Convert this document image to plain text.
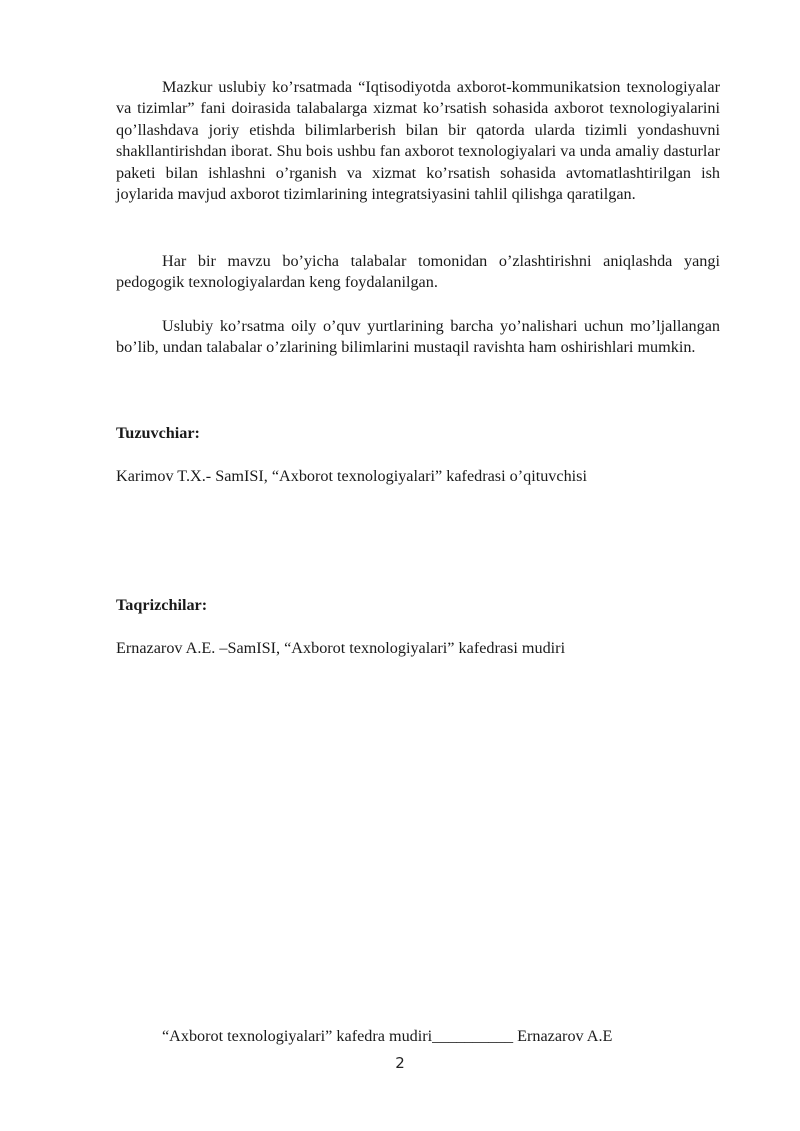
Mazkur uslubiy ko’rsatmada “Iqtisodiyotda axborot-kommunikatsion texnologiyalar va tizimlar” fani doirasida talabalarga xizmat ko’rsatish sohasida axborot texnologiyalarini qo’llashdava joriy etishda bilimlarberish bilan bir qatorda ularda tizimli yondashuvni shakllantirishdan iborat. Shu bois ushbu fan axborot texnologiyalari va unda amaliy dasturlar paketi bilan ishlashni o’rganish va xizmat ko’rsatish sohasida avtomatlashtirilgan ish joylarida mavjud axborot tizimlarining integratsiyasini tahlil qilishga qaratilgan.

Har bir mavzu bo’yicha talabalar tomonidan o’zlashtirishni aniqlashda yangi pedogogik texnologiyalardan keng foydalanilgan.

Uslubiy ko’rsatma oily o’quv yurtlarining barcha yo’nalishari uchun mo’ljallangan bo’lib, undan talabalar o’zlarining bilimlarini mustaqil ravishta ham oshirishlari mumkin.

Tuzuvchiar:

Karimov T.X.- SamISI, “Axborot texnologiyalari” kafedrasi o’qituvchisi

Taqrizchilar:

Ernazarov A.E. –SamISI, “Axborot texnologiyalari” kafedrasi mudiri

“Axborot texnologiyalari” kafedra mudiri__________ Ernazarov A.E

2
